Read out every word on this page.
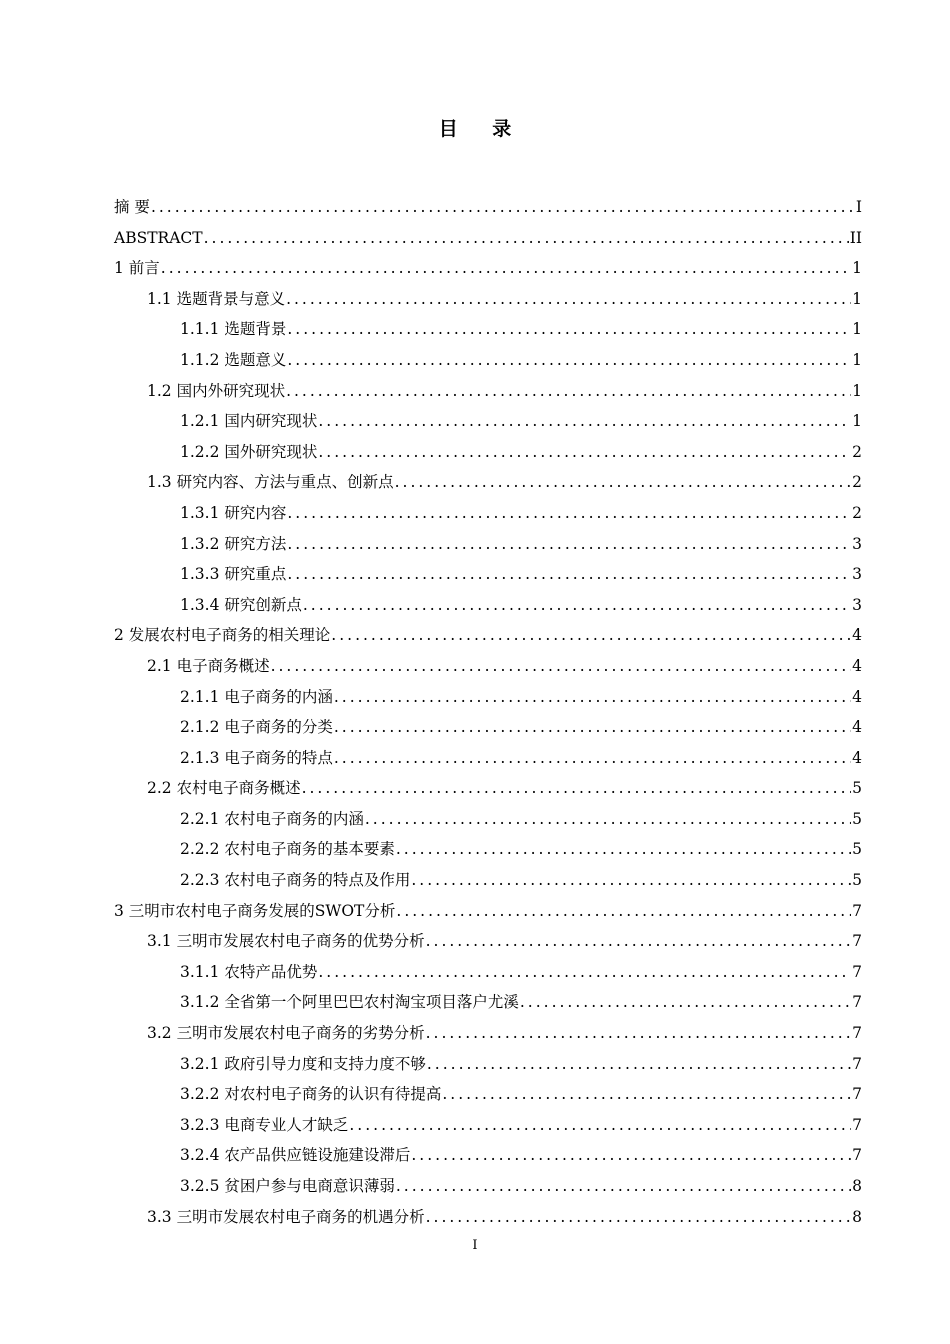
目 录
摘 要 .....	I
ABSTRACT .....	II
1 前言 .....	1
1.1 选题背景与意义 .....	1
1.1.1 选题背景 .....	1
1.1.2 选题意义 .....	1
1.2 国内外研究现状 .....	1
1.2.1 国内研究现状 .....	1
1.2.2 国外研究现状 .....	2
1.3 研究内容、方法与重点、创新点 .....	2
1.3.1 研究内容 .....	2
1.3.2 研究方法 .....	3
1.3.3 研究重点 .....	3
1.3.4 研究创新点 .....	3
2 发展农村电子商务的相关理论 .....	4
2.1 电子商务概述 .....	4
2.1.1 电子商务的内涵 .....	4
2.1.2 电子商务的分类 .....	4
2.1.3 电子商务的特点 .....	4
2.2 农村电子商务概述 .....	5
2.2.1 农村电子商务的内涵 .....	5
2.2.2 农村电子商务的基本要素 .....	5
2.2.3 农村电子商务的特点及作用 .....	5
3 三明市农村电子商务发展的SWOT分析 .....	7
3.1 三明市发展农村电子商务的优势分析 .....	7
3.1.1 农特产品优势 .....	7
3.1.2 全省第一个阿里巴巴农村淘宝项目落户尤溪 .....	7
3.2 三明市发展农村电子商务的劣势分析 .....	7
3.2.1 政府引导力度和支持力度不够 .....	7
3.2.2 对农村电子商务的认识有待提高 .....	7
3.2.3 电商专业人才缺乏 .....	7
3.2.4 农产品供应链设施建设滞后 .....	7
3.2.5 贫困户参与电商意识薄弱 .....	8
3.3 三明市发展农村电子商务的机遇分析 .....	8
I
